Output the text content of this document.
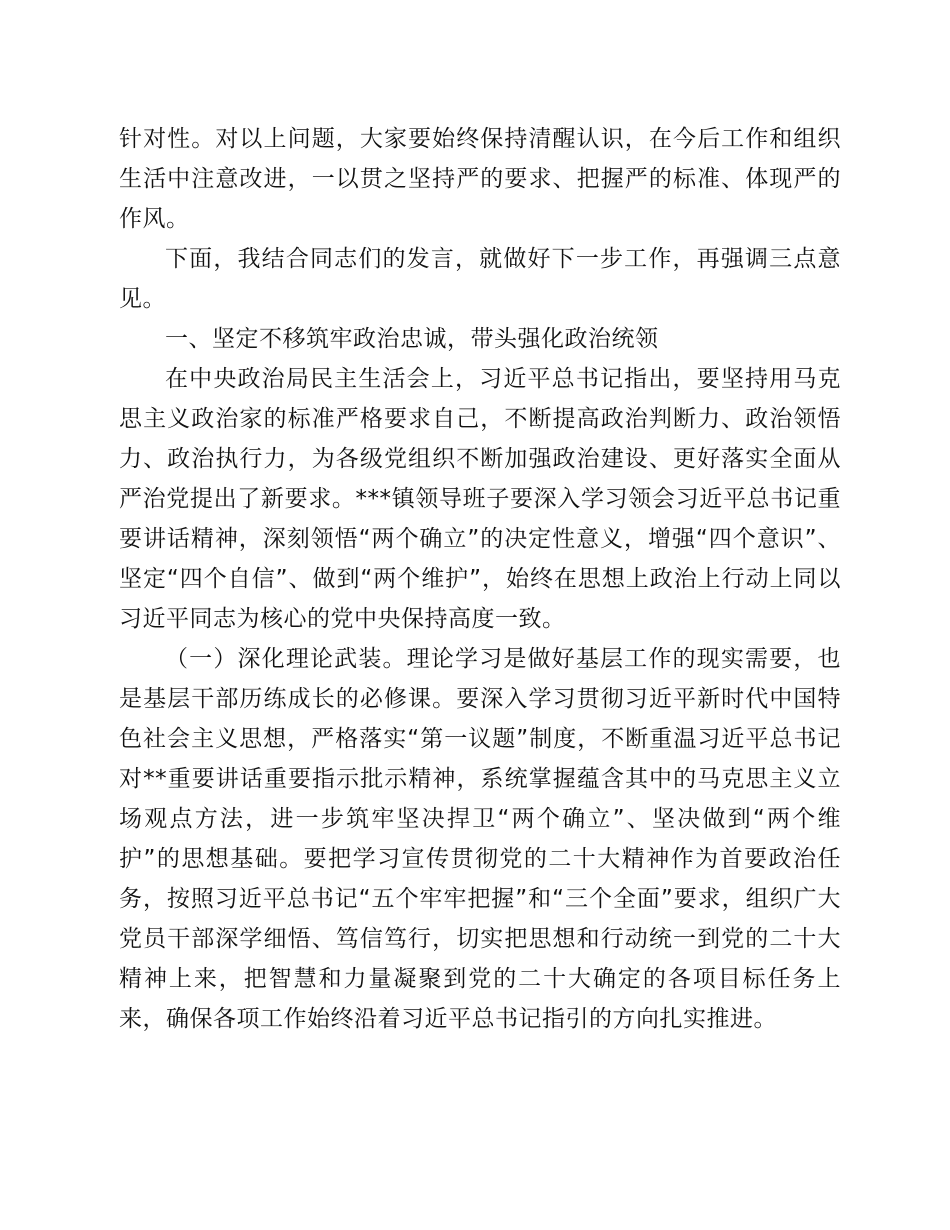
针对性。对以上问题，大家要始终保持清醒认识，在今后工作和组织生活中注意改进，一以贯之坚持严的要求、把握严的标准、体现严的作风。

下面，我结合同志们的发言，就做好下一步工作，再强调三点意见。

一、坚定不移筑牢政治忠诚，带头强化政治统领

在中央政治局民主生活会上，习近平总书记指出，要坚持用马克思主义政治家的标准严格要求自己，不断提高政治判断力、政治领悟力、政治执行力，为各级党组织不断加强政治建设、更好落实全面从严治党提出了新要求。***镇领导班子要深入学习领会习近平总书记重要讲话精神，深刻领悟“两个确立”的决定性意义，增强“四个意识”、坚定“四个自信”、做到“两个维护”，始终在思想上政治上行动上同以习近平同志为核心的党中央保持高度一致。

（一）深化理论武装。理论学习是做好基层工作的现实需要，也是基层干部历练成长的必修课。要深入学习贯彻习近平新时代中国特色社会主义思想，严格落实“第一议题”制度，不断重温习近平总书记对**重要讲话重要指示批示精神，系统掌握蕴含其中的马克思主义立场观点方法，进一步筑牢坚决捍卫“两个确立”、坚决做到“两个维护”的思想基础。要把学习宣传贯彻党的二十大精神作为首要政治任务，按照习近平总书记“五个牢牢把握”和“三个全面”要求，组织广大党员干部深学细悟、笃信笃行，切实把思想和行动统一到党的二十大精神上来，把智慧和力量凝聚到党的二十大确定的各项目标任务上来，确保各项工作始终沿着习近平总书记指引的方向扎实推进。
